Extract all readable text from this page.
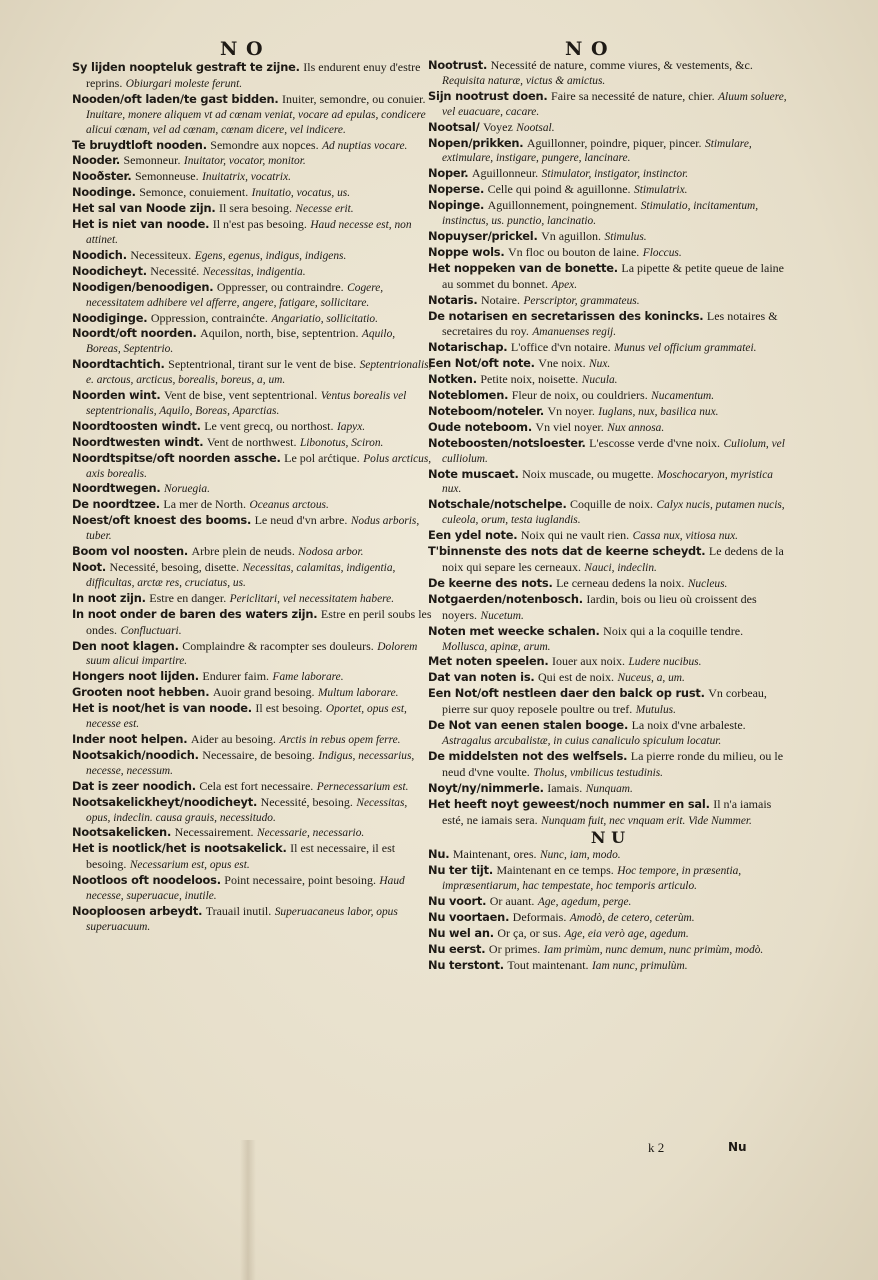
N O	N O

Sy lijden noopteluk gestraft te zijne. Ils endurent enuy d'estre reprins. Obiurgari moleste ferunt.

Nooden/oft laden/te gast bidden. Inuiter, semondre, ou conuier. Inuitare, monere aliquem vt ad cœnam veniat, vocare ad epulas, condicere alicui cœnam, vel ad cœnam, cœnam dicere, vel indicere.

Te bruydtloft nooden. Semondre aux nopces. Ad nuptias vocare.

Nooder. Semonneur. Inuitator, vocator, monitor.

Nooðster. Semonneuse. Inuitatrix, vocatrix.

Noodinge. Semonce, conuiement. Inuitatio, vocatus, us.

Het sal van Noode zijn. Il sera besoing. Necesse erit.

Het is niet van noode. Il n'est pas besoing. Haud necesse est, non attinet.

Noodich. Necessiteux. Egens, egenus, indigus, indigens.

Noodicheyt. Necessité. Necessitas, indigentia.

Noodigen/benoodigen. Oppresser, ou contraindre. Cogere, necessitatem adhibere vel afferre, angere, fatigare, sollicitare.

Noodiginge. Oppression, contrainćte. Angariatio, sollicitatio.

Noordt/oft noorden. Aquilon, north, bise, septentrion. Aquilo, Boreas, Septentrio.

Noordtachtich. Septentrional, tirant sur le vent de bise. Septentrionalis, e. arctous, arcticus, borealis, boreus, a, um.

Noorden wint. Vent de bise, vent septentrional. Ventus borealis vel septentrionalis, Aquilo, Boreas, Aparctias.

Noordtoosten windt. Le vent grecq, ou northost. Iapyx.

Noordtwesten windt. Vent de northwest. Libonotus, Sciron.

Noordtspitse/oft noorden assche. Le pol arćtique. Polus arcticus, axis borealis.

Noordtwegen. Noruegia.

De noordtzee. La mer de North. Oceanus arctous.

Noest/oft knoest des booms. Le neud d'vn arbre. Nodus arboris, tuber.

Boom vol noosten. Arbre plein de neuds. Nodosa arbor.

Noot. Necessité, besoing, disette. Necessitas, calamitas, indigentia, difficultas, arctæ res, cruciatus, us.

In noot zijn. Estre en danger. Periclitari, vel necessitatem habere.

In noot onder de baren des waters zijn. Estre en peril soubs les ondes. Confluctuari.

Den noot klagen. Complaindre & racompter ses douleurs. Dolorem suum alicui impartire.

Hongers noot lijden. Endurer faim. Fame laborare.

Grooten noot hebben. Auoir grand besoing. Multum laborare.

Het is noot/het is van noode. Il est besoing. Oportet, opus est, necesse est.

Inder noot helpen. Aider au besoing. Arctis in rebus opem ferre.

Nootsakich/noodich. Necessaire, de besoing. Indigus, necessarius, necesse, necessum.

Dat is zeer noodich. Cela est fort necessaire. Pernecessarium est.

Nootsakelickheyt/noodicheyt. Necessité, besoing. Necessitas, opus, indeclin. causa grauis, necessitudo.

Nootsakelicken. Necessairement. Necessarie, necessario.

Het is nootlick/het is nootsakelick. Il est necessaire, il est besoing. Necessarium est, opus est.

Nootloos oft noodeloos. Point necessaire, point besoing. Haud necesse, superuacue, inutile.

Nooploosen arbeydt. Trauail inutil. Superuacaneus labor, opus superuacuum.

Nootrust. Necessité de nature, comme viures, & vestements, &c. Requisita naturæ, victus & amictus.

Sijn nootrust doen. Faire sa necessité de nature, chier. Aluum soluere, vel euacuare, cacare.

Nootsal/ Voyez Nootsal.

Nopen/prikken. Aguillonner, poindre, piquer, pincer. Stimulare, extimulare, instigare, pungere, lancinare.

Noper. Aguillonneur. Stimulator, instigator, instinctor.

Noperse. Celle qui poind & aguillonne. Stimulatrix.

Nopinge. Aguillonnement, poingnement. Stimulatio, incitamentum, instinctus, us. punctio, lancinatio.

Nopuyser/prickel. Vn aguillon. Stimulus.

Noppe wols. Vn floc ou bouton de laine. Floccus.

Het noppeken van de bonette. La pipette & petite queue de laine au sommet du bonnet. Apex.

Notaris. Notaire. Perscriptor, grammateus.

De notarisen en secretarissen des konincks. Les notaires & secretaires du roy. Amanuenses regij.

Notarischap. L'office d'vn notaire. Munus vel officium grammatei.

Een Not/oft note. Vne noix. Nux.

Notken. Petite noix, noisette. Nucula.

Noteblomen. Fleur de noix, ou couldriers. Nucamentum.

Noteboom/noteler. Vn noyer. Iuglans, nux, basilica nux.

Oude noteboom. Vn viel noyer. Nux annosa.

Noteboosten/notsloester. L'escosse verde d'vne noix. Culiolum, vel culliolum.

Note muscaet. Noix muscade, ou mugette. Moschocaryon, myristica nux.

Notschale/notschelpe. Coquille de noix. Calyx nucis, putamen nucis, culeola, orum, testa iuglandis.

Een ydel note. Noix qui ne vault rien. Cassa nux, vitiosa nux.

T'binnenste des nots dat de keerne scheydt. Le dedens de la noix qui separe les cerneaux. Nauci, indeclin.

De keerne des nots. Le cerneau dedens la noix. Nucleus.

Notgaerden/notenbosch. Iardin, bois ou lieu où croissent des noyers. Nucetum.

Noten met weecke schalen. Noix qui a la coquille tendre. Mollusca, apinæ, arum.

Met noten speelen. Iouer aux noix. Ludere nucibus.

Dat van noten is. Qui est de noix. Nuceus, a, um.

Een Not/oft nestleen daer den balck op rust. Vn corbeau, pierre sur quoy reposele poultre ou tref. Mutulus.

De Not van eenen stalen booge. La noix d'vne arbaleste. Astragalus arcubalistæ, in cuius canaliculo spiculum locatur.

De middelsten not des welfsels. La pierre ronde du milieu, ou le neud d'vne voulte. Tholus, vmbilicus testudinis.

Noyt/ny/nimmerle. Iamais. Nunquam.

Het heeft noyt geweest/noch nummer en sal. Il n'a iamais esté, ne iamais sera. Nunquam fuit, nec vnquam erit. Vide Nummer.

N U

Nu. Maintenant, ores. Nunc, iam, modo.

Nu ter tijt. Maintenant en ce temps. Hoc tempore, in præsentia, impræsentiarum, hac tempestate, hoc temporis articulo.

Nu voort. Or auant. Age, agedum, perge.

Nu voortaen. Deformais. Amodò, de cetero, ceterùm.

Nu wel an. Or ça, or sus. Age, eia verò age, agedum.

Nu eerst. Or primes. Iam primùm, nunc demum, nunc primùm, modò.

Nu terstont. Tout maintenant. Iam nunc, primulùm.

k 2	Nu
